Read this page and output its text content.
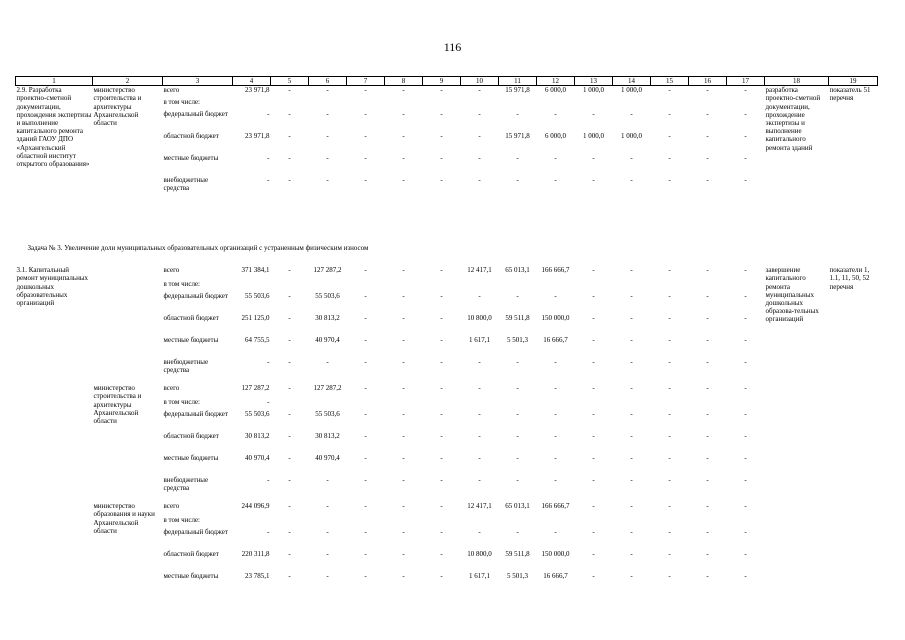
116
1	2	3	4	5	6	7	8	9	10	11	12	13	14	15	16	17	18	19
2.9. Разработка проектно-сметной документации, прохождения экспертизы и выполнение капитального ремонта зданий ГАОУ ДПО «Архангельский областной институт открытого образования»	министерство строительства и архитектуры Архангельской области	всего	23 971,8	-	-	-	-	-	-	15 971,8	6 000,0	1 000,0	1 000,0	-	-	-	разработка проектно-сметной документации, прохождение экспертизы и выполнение капитального ремонта зданий	показатель 51 перечня
		в том числе:																
		федеральный бюджет	-	-	-	-	-	-	-	-	-	-	-	-	-	-		
		областной бюджет	23 971,8	-	-	-	-	-	-	15 971,8	6 000,0	1 000,0	1 000,0	-	-	-		
		местные бюджеты	-	-	-	-	-	-	-	-	-	-	-	-	-	-		
		внебюджетные средства	-	-	-	-	-	-	-	-	-	-	-	-	-	-		
Задача № 3. Увеличение доли муниципальных образовательных организаций с устраненным физическим износом																		
3.1. Капитальный ремонт муниципальных дошкольных образовательных организаций		всего	371 384,1	-	127 287,2	-	-	-	12 417,1	65 013,1	166 666,7	-	-	-	-	-	завершение капитального ремонта муниципальных дошкольных образова-тельных организаций	показатели 1, 1.1, 11, 50, 52 перечня
		в том числе:																
		федеральный бюджет	55 503,6	-	55 503,6	-	-	-	-	-	-	-	-	-	-	-		
		областной бюджет	251 125,0	-	30 813,2	-	-	-	10 800,0	59 511,8	150 000,0	-	-	-	-	-		
		местные бюджеты	64 755,5	-	40 970,4	-	-	-	1 617,1	5 501,3	16 666,7	-	-	-	-	-		
		внебюджетные средства	-	-	-	-	-	-	-	-	-	-	-	-	-	-		
	министерство строительства и архитектуры Архангельской области	всего	127 287,2	-	127 287,2	-	-	-	-	-	-	-	-	-	-	-		
		в том числе:	-															
		федеральный бюджет	55 503,6	-	55 503,6	-	-	-	-	-	-	-	-	-	-	-		
		областной бюджет	30 813,2	-	30 813,2	-	-	-	-	-	-	-	-	-	-	-		
		местные бюджеты	40 970,4	-	40 970,4	-	-	-	-	-	-	-	-	-	-	-		
		внебюджетные средства	-	-	-	-	-	-	-	-	-	-	-	-	-	-		
	министерство образования и науки Архангельской области	всего	244 096,9	-	-	-	-	-	12 417,1	65 013,1	166 666,7	-	-	-	-	-		
		в том числе:																
		федеральный бюджет	-	-	-	-	-	-	-	-	-	-	-	-	-	-		
		областной бюджет	220 311,8	-	-	-	-	-	10 800,0	59 511,8	150 000,0	-	-	-	-	-		
		местные бюджеты	23 785,1	-	-	-	-	-	1 617,1	5 501,3	16 666,7	-	-	-	-	-		
